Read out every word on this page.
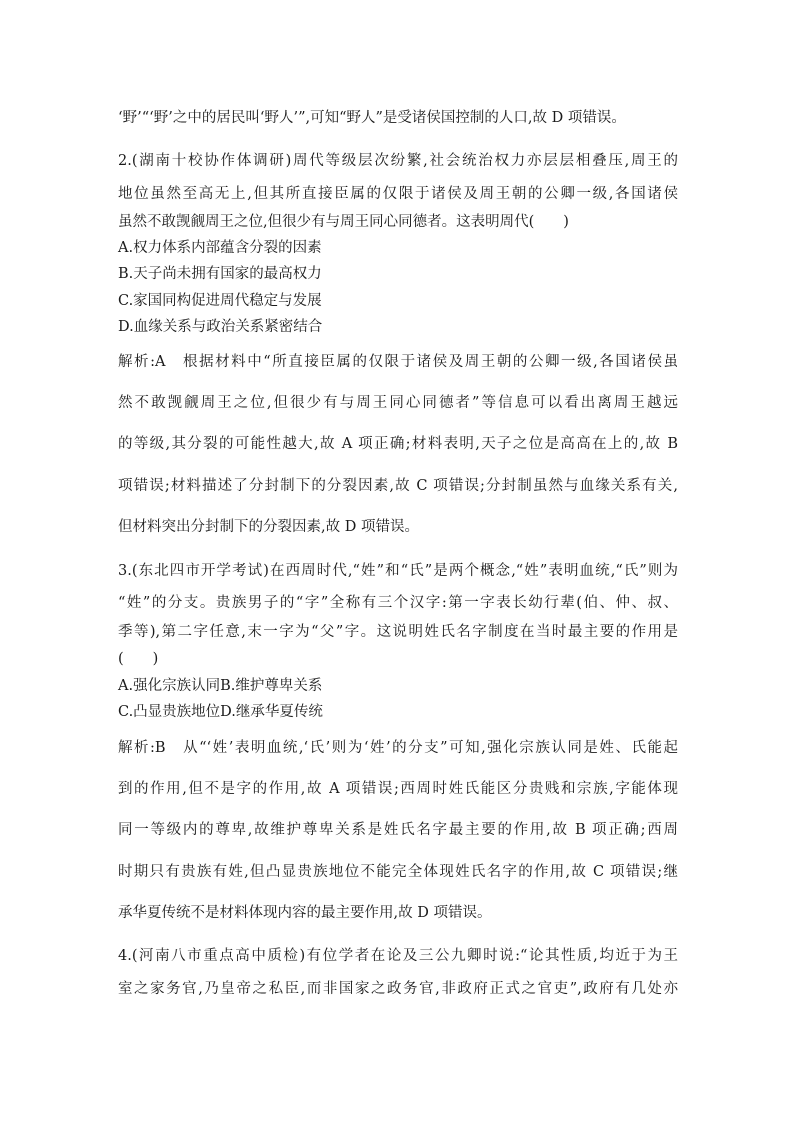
‘野’“‘野’之中的居民叫‘野人’”,可知“野人”是受诸侯国控制的人口,故 D 项错误。
2.(湖南十校协作体调研)周代等级层次纷繁,社会统治权力亦层层相叠压,周王的
地位虽然至高无上,但其所直接臣属的仅限于诸侯及周王朝的公卿一级,各国诸侯
虽然不敢觊觎周王之位,但很少有与周王同心同德者。这表明周代(　　)
A.权力体系内部蕴含分裂的因素
B.天子尚未拥有国家的最高权力
C.家国同构促进周代稳定与发展
D.血缘关系与政治关系紧密结合
解析:A　根据材料中“所直接臣属的仅限于诸侯及周王朝的公卿一级,各国诸侯虽
然不敢觊觎周王之位,但很少有与周王同心同德者”等信息可以看出离周王越远
的等级,其分裂的可能性越大,故 A 项正确;材料表明,天子之位是高高在上的,故 B
项错误;材料描述了分封制下的分裂因素,故 C 项错误;分封制虽然与血缘关系有关,
但材料突出分封制下的分裂因素,故 D 项错误。
3.(东北四市开学考试)在西周时代,“姓”和“氏”是两个概念,“姓”表明血统,“氏”则为
“姓”的分支。贵族男子的“字”全称有三个汉字:第一字表长幼行辈(伯、仲、叔、
季等),第二字任意,末一字为“父”字。这说明姓氏名字制度在当时最主要的作用是
(　　)
A.强化宗族认同B.维护尊卑关系
C.凸显贵族地位D.继承华夏传统
解析:B　从“‘姓’表明血统,‘氏’则为‘姓’的分支”可知,强化宗族认同是姓、氏能起
到的作用,但不是字的作用,故 A 项错误;西周时姓氏能区分贵贱和宗族,字能体现
同一等级内的尊卑,故维护尊卑关系是姓氏名字最主要的作用,故 B 项正确;西周
时期只有贵族有姓,但凸显贵族地位不能完全体现姓氏名字的作用,故 C 项错误;继
承华夏传统不是材料体现内容的最主要作用,故 D 项错误。
4.(河南八市重点高中质检)有位学者在论及三公九卿时说:“论其性质,均近于为王
室之家务官,乃皇帝之私臣,而非国家之政务官,非政府正式之官吏”,政府有几处亦
